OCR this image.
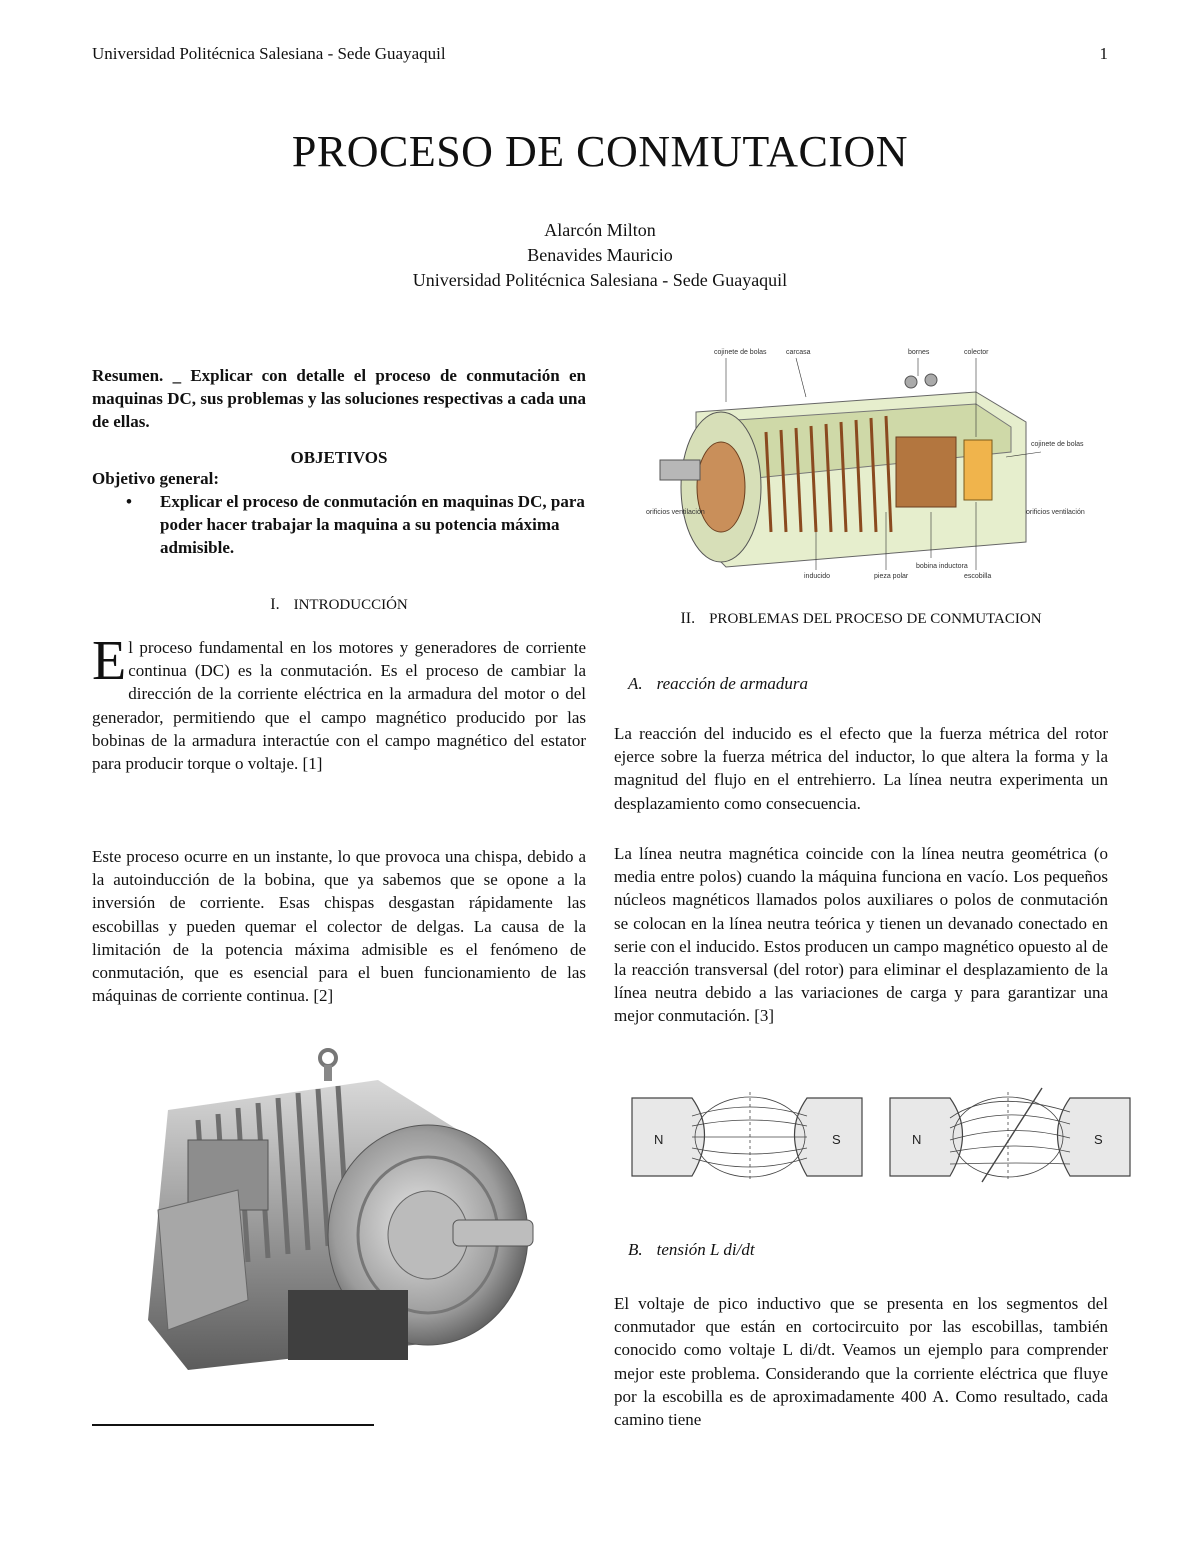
Universidad Politécnica Salesiana - Sede Guayaquil	1
PROCESO DE CONMUTACION
Alarcón Milton
Benavides Mauricio
Universidad Politécnica Salesiana - Sede Guayaquil
Resumen. _ Explicar con detalle el proceso de conmutación en maquinas DC, sus problemas y las soluciones respectivas a cada una de ellas.
OBJETIVOS
Objetivo general:
• Explicar el proceso de conmutación en maquinas DC, para poder hacer trabajar la maquina a su potencia máxima admisible.
I. INTRODUCCIÓN
El proceso fundamental en los motores y generadores de corriente continua (DC) es la conmutación. Es el proceso de cambiar la dirección de la corriente eléctrica en la armadura del motor o del generador, permitiendo que el campo magnético producido por las bobinas de la armadura interactúe con el campo magnético del estator para producir torque o voltaje. [1]
Este proceso ocurre en un instante, lo que provoca una chispa, debido a la autoinducción de la bobina, que ya sabemos que se opone a la inversión de corriente. Esas chispas desgastan rápidamente las escobillas y pueden quemar el colector de delgas. La causa de la limitación de la potencia máxima admisible es el fenómeno de conmutación, que es esencial para el buen funcionamiento de las máquinas de corriente continua. [2]
cojinete de bolas	carcasa	bornes	colector
cojinete de bolas
orificios ventilación	orificios ventilación
inducido	pieza polar
bobina inductora
escobilla
II. PROBLEMAS DEL PROCESO DE CONMUTACION
A. reacción de armadura
La reacción del inducido es el efecto que la fuerza métrica del rotor ejerce sobre la fuerza métrica del inductor, lo que altera la forma y la magnitud del flujo en el entrehierro. La línea neutra experimenta un desplazamiento como consecuencia.
La línea neutra magnética coincide con la línea neutra geométrica (o media entre polos) cuando la máquina funciona en vacío. Los pequeños núcleos magnéticos llamados polos auxiliares o polos de conmutación se colocan en la línea neutra teórica y tienen un devanado conectado en serie con el inducido. Estos producen un campo magnético opuesto al de la reacción transversal (del rotor) para eliminar el desplazamiento de la línea neutra debido a las variaciones de carga y para garantizar una mejor conmutación. [3]
N	S	N	S
B. tensión L di/dt
El voltaje de pico inductivo que se presenta en los segmentos del conmutador que están en cortocircuito por las escobillas, también conocido como voltaje L di/dt. Veamos un ejemplo para comprender mejor este problema. Considerando que la corriente eléctrica que fluye por la escobilla es de aproximadamente 400 A. Como resultado, cada camino tiene
